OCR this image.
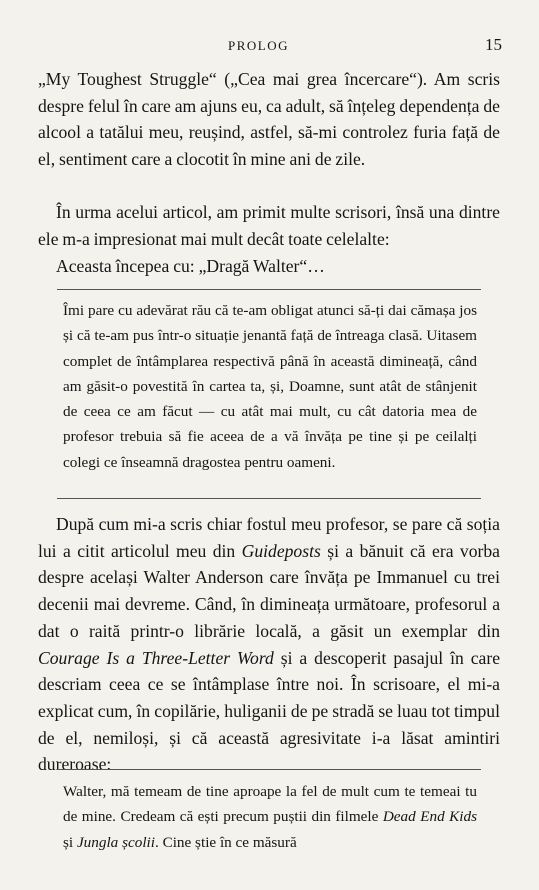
PROLOG	15

„My Toughest Struggle“ („Cea mai grea încercare“). Am scris despre felul în care am ajuns eu, ca adult, să înțeleg dependența de alcool a tatălui meu, reușind, astfel, să-mi controlez furia față de el, sentiment care a clocotit în mine ani de zile.

În urma acelui articol, am primit multe scrisori, însă una dintre ele m-a impresionat mai mult decât toate celelalte:

Aceasta începea cu: „Dragă Walter“…

Îmi pare cu adevărat rău că te-am obligat atunci să-ți dai cămașa jos și că te-am pus într-o situație jenantă față de întreaga clasă. Uitasem complet de întâmplarea respectivă până în această dimineață, când am găsit-o povestită în cartea ta, și, Doamne, sunt atât de stânjenit de ceea ce am făcut — cu atât mai mult, cu cât datoria mea de profesor trebuia să fie aceea de a vă învăța pe tine și pe ceilalți colegi ce înseamnă dragostea pentru oameni.

După cum mi-a scris chiar fostul meu profesor, se pare că soția lui a citit articolul meu din Guideposts și a bănuit că era vorba despre același Walter Anderson care învăța pe Immanuel cu trei decenii mai devreme. Când, în dimineața următoare, profesorul a dat o raită printr-o librărie locală, a găsit un exemplar din Courage Is a Three-Letter Word și a descoperit pasajul în care descriam ceea ce se întâmplase între noi. În scrisoare, el mi-a explicat cum, în copilărie, huliganii de pe stradă se luau tot timpul de el, nemiloși, și că această agresivitate i-a lăsat amintiri dureroase:

Walter, mă temeam de tine aproape la fel de mult cum te temeai tu de mine. Credeam că ești precum puștii din filmele Dead End Kids și Jungla școlii. Cine știe în ce măsură
